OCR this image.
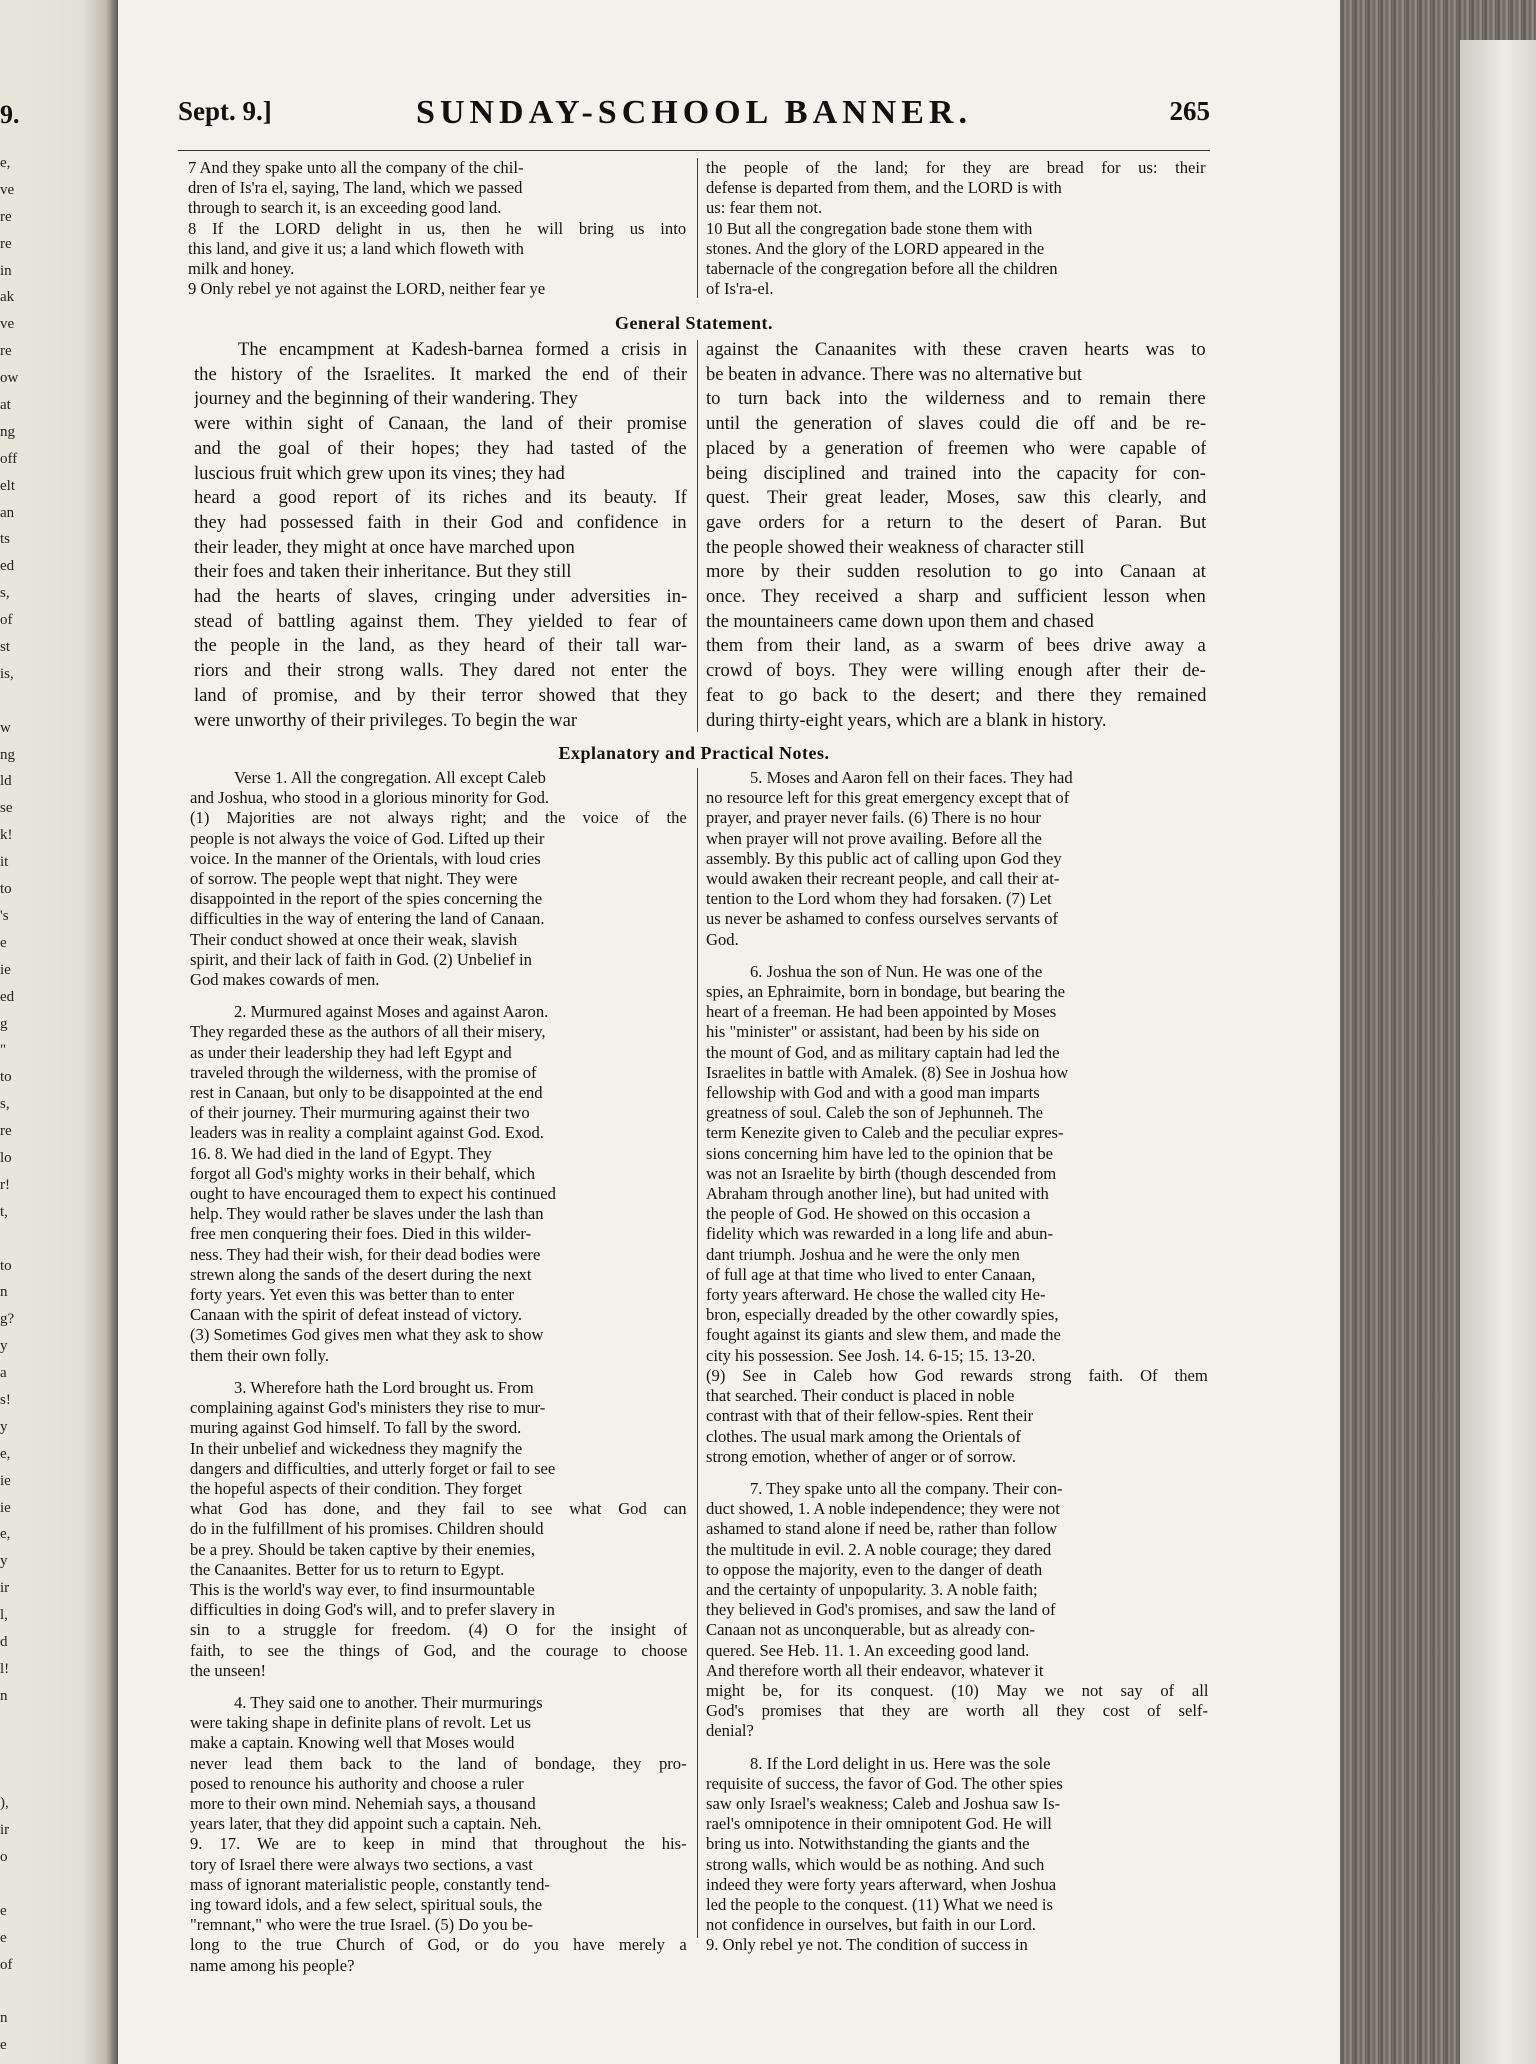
9.
e,
ve
re
re
in
ak
ve
re
ow
at
ng
off
elt
an
ts
ed
s,
of
st
is,
w
ng
ld
se
k!
it
to
's
e
ie
ed
g
"
to
s,
re
lo
r!
t,
to
n
g?
y
a
s!
y
e,
ie
ie
e,
y
ir
l,
d
l!
n
),
ir
o
e
e
of
n
e
Sept. 9.]	SUNDAY-SCHOOL BANNER.	265
7 And they spake unto all the company of the chil-
dren of Is'ra el, saying, The land, which we passed
through to search it, is an exceeding good land.
8 If the LORD delight in us, then he will bring us into
this land, and give it us; a land which floweth with
milk and honey.
9 Only rebel ye not against the LORD, neither fear ye
the people of the land; for they are bread for us: their
defense is departed from them, and the LORD is with
us: fear them not.
10 But all the congregation bade stone them with
stones. And the glory of the LORD appeared in the
tabernacle of the congregation before all the children
of Is'ra-el.
General Statement.
The encampment at Kadesh-barnea formed a crisis in
the history of the Israelites. It marked the end of their
journey and the beginning of their wandering. They
were within sight of Canaan, the land of their promise
and the goal of their hopes; they had tasted of the
luscious fruit which grew upon its vines; they had
heard a good report of its riches and its beauty. If
they had possessed faith in their God and confidence in
their leader, they might at once have marched upon
their foes and taken their inheritance. But they still
had the hearts of slaves, cringing under adversities in-
stead of battling against them. They yielded to fear of
the people in the land, as they heard of their tall war-
riors and their strong walls. They dared not enter the
land of promise, and by their terror showed that they
were unworthy of their privileges. To begin the war
against the Canaanites with these craven hearts was to
be beaten in advance. There was no alternative but
to turn back into the wilderness and to remain there
until the generation of slaves could die off and be re-
placed by a generation of freemen who were capable of
being disciplined and trained into the capacity for con-
quest. Their great leader, Moses, saw this clearly, and
gave orders for a return to the desert of Paran. But
the people showed their weakness of character still
more by their sudden resolution to go into Canaan at
once. They received a sharp and sufficient lesson when
the mountaineers came down upon them and chased
them from their land, as a swarm of bees drive away a
crowd of boys. They were willing enough after their de-
feat to go back to the desert; and there they remained
during thirty-eight years, which are a blank in history.
Explanatory and Practical Notes.
Verse 1. All the congregation. All except Caleb
and Joshua, who stood in a glorious minority for God.
(1) Majorities are not always right; and the voice of the
people is not always the voice of God. Lifted up their
voice. In the manner of the Orientals, with loud cries
of sorrow. The people wept that night. They were
disappointed in the report of the spies concerning the
difficulties in the way of entering the land of Canaan.
Their conduct showed at once their weak, slavish
spirit, and their lack of faith in God. (2) Unbelief in
God makes cowards of men.
2. Murmured against Moses and against Aaron.
They regarded these as the authors of all their misery,
as under their leadership they had left Egypt and
traveled through the wilderness, with the promise of
rest in Canaan, but only to be disappointed at the end
of their journey. Their murmuring against their two
leaders was in reality a complaint against God. Exod.
16. 8. We had died in the land of Egypt. They
forgot all God's mighty works in their behalf, which
ought to have encouraged them to expect his continued
help. They would rather be slaves under the lash than
free men conquering their foes. Died in this wilder-
ness. They had their wish, for their dead bodies were
strewn along the sands of the desert during the next
forty years. Yet even this was better than to enter
Canaan with the spirit of defeat instead of victory.
(3) Sometimes God gives men what they ask to show
them their own folly.
3. Wherefore hath the Lord brought us. From
complaining against God's ministers they rise to mur-
muring against God himself. To fall by the sword.
In their unbelief and wickedness they magnify the
dangers and difficulties, and utterly forget or fail to see
the hopeful aspects of their condition. They forget
what God has done, and they fail to see what God can
do in the fulfillment of his promises. Children should
be a prey. Should be taken captive by their enemies,
the Canaanites. Better for us to return to Egypt.
This is the world's way ever, to find insurmountable
difficulties in doing God's will, and to prefer slavery in
sin to a struggle for freedom. (4) O for the insight of
faith, to see the things of God, and the courage to choose
the unseen!
4. They said one to another. Their murmurings
were taking shape in definite plans of revolt. Let us
make a captain. Knowing well that Moses would
never lead them back to the land of bondage, they pro-
posed to renounce his authority and choose a ruler
more to their own mind. Nehemiah says, a thousand
years later, that they did appoint such a captain. Neh.
9. 17. We are to keep in mind that throughout the his-
tory of Israel there were always two sections, a vast
mass of ignorant materialistic people, constantly tend-
ing toward idols, and a few select, spiritual souls, the
"remnant," who were the true Israel. (5) Do you be-
long to the true Church of God, or do you have merely a
name among his people?
5. Moses and Aaron fell on their faces. They had
no resource left for this great emergency except that of
prayer, and prayer never fails. (6) There is no hour
when prayer will not prove availing. Before all the
assembly. By this public act of calling upon God they
would awaken their recreant people, and call their at-
tention to the Lord whom they had forsaken. (7) Let
us never be ashamed to confess ourselves servants of
God.
6. Joshua the son of Nun. He was one of the
spies, an Ephraimite, born in bondage, but bearing the
heart of a freeman. He had been appointed by Moses
his "minister" or assistant, had been by his side on
the mount of God, and as military captain had led the
Israelites in battle with Amalek. (8) See in Joshua how
fellowship with God and with a good man imparts
greatness of soul. Caleb the son of Jephunneh. The
term Kenezite given to Caleb and the peculiar expres-
sions concerning him have led to the opinion that be
was not an Israelite by birth (though descended from
Abraham through another line), but had united with
the people of God. He showed on this occasion a
fidelity which was rewarded in a long life and abun-
dant triumph. Joshua and he were the only men
of full age at that time who lived to enter Canaan,
forty years afterward. He chose the walled city He-
bron, especially dreaded by the other cowardly spies,
fought against its giants and slew them, and made the
city his possession. See Josh. 14. 6-15; 15. 13-20.
(9) See in Caleb how God rewards strong faith. Of them
that searched. Their conduct is placed in noble
contrast with that of their fellow-spies. Rent their
clothes. The usual mark among the Orientals of
strong emotion, whether of anger or of sorrow.
7. They spake unto all the company. Their con-
duct showed, 1. A noble independence; they were not
ashamed to stand alone if need be, rather than follow
the multitude in evil. 2. A noble courage; they dared
to oppose the majority, even to the danger of death
and the certainty of unpopularity. 3. A noble faith;
they believed in God's promises, and saw the land of
Canaan not as unconquerable, but as already con-
quered. See Heb. 11. 1. An exceeding good land.
And therefore worth all their endeavor, whatever it
might be, for its conquest. (10) May we not say of all
God's promises that they are worth all they cost of self-
denial?
8. If the Lord delight in us. Here was the sole
requisite of success, the favor of God. The other spies
saw only Israel's weakness; Caleb and Joshua saw Is-
rael's omnipotence in their omnipotent God. He will
bring us into. Notwithstanding the giants and the
strong walls, which would be as nothing. And such
indeed they were forty years afterward, when Joshua
led the people to the conquest. (11) What we need is
not confidence in ourselves, but faith in our Lord.
9. Only rebel ye not. The condition of success in
